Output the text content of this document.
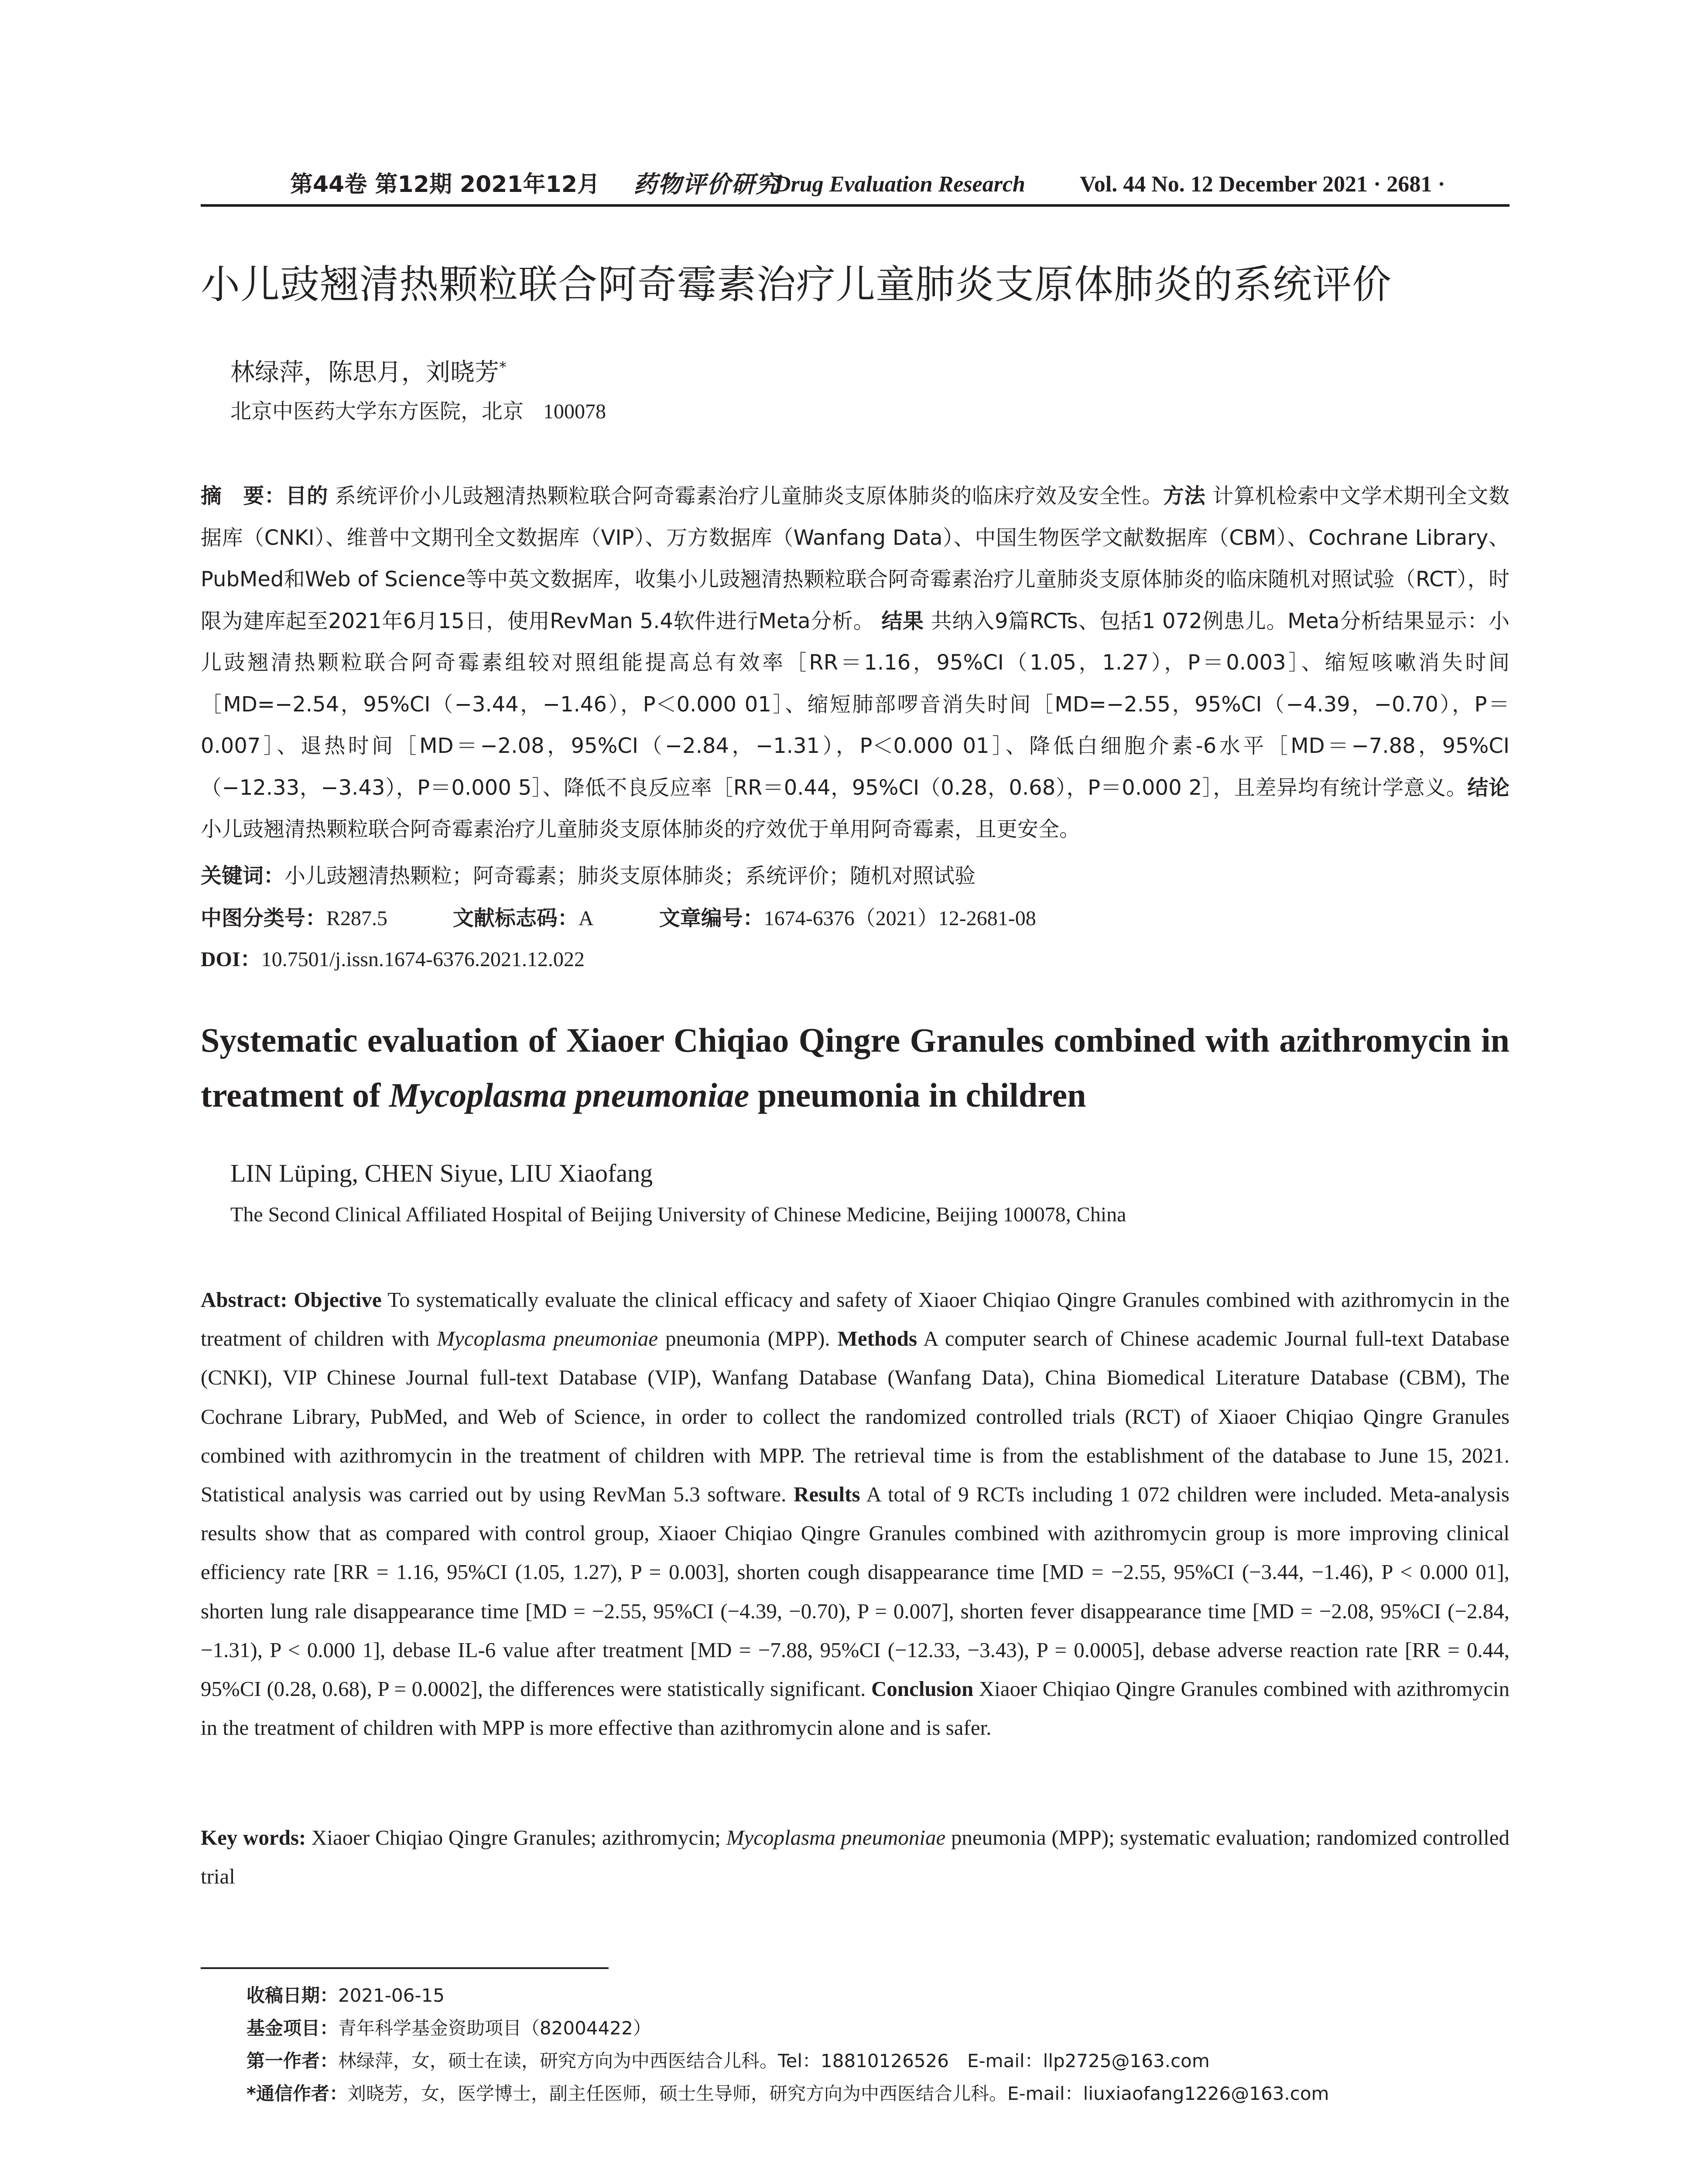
第44卷 第12期 2021年12月 药物评价研究
Drug Evaluation Research Vol. 44 No. 12 December 2021 · 2681 ·
小儿豉翘清热颗粒联合阿奇霉素治疗儿童肺炎支原体肺炎的系统评价
林绿萍，陈思月，刘晓芳*
北京中医药大学东方医院，北京 100078
摘　要：目的 系统评价小儿豉翘清热颗粒联合阿奇霉素治疗儿童肺炎支原体肺炎的临床疗效及安全性。方法 计算机检索中文学术期刊全文数据库（CNKI）、维普中文期刊全文数据库（VIP）、万方数据库（Wanfang Data）、中国生物医学文献数据库（CBM）、Cochrane Library、PubMed和Web of Science等中英文数据库，收集小儿豉翘清热颗粒联合阿奇霉素治疗儿童肺炎支原体肺炎的临床随机对照试验（RCT），时限为建库起至2021年6月15日，使用RevMan 5.4软件进行Meta分析。 结果 共纳入9篇RCTs、包括1 072例患儿。Meta分析结果显示：小儿豉翘清热颗粒联合阿奇霉素组较对照组能提高总有效率［RR＝1.16，95%CI（1.05，1.27），P＝0.003］、缩短咳嗽消失时间［MD=−2.54，95%CI（−3.44，−1.46），P＜0.000 01］、缩短肺部啰音消失时间［MD=−2.55，95%CI（−4.39，−0.70），P＝0.007］、退热时间［MD＝−2.08，95%CI（−2.84，−1.31），P＜0.000 01］、降低白细胞介素-6水平［MD＝−7.88，95%CI（−12.33，−3.43），P＝0.000 5］、降低不良反应率［RR＝0.44，95%CI（0.28，0.68），P＝0.000 2］，且差异均有统计学意义。结论 小儿豉翘清热颗粒联合阿奇霉素治疗儿童肺炎支原体肺炎的疗效优于单用阿奇霉素，且更安全。
关键词：小儿豉翘清热颗粒；阿奇霉素；肺炎支原体肺炎；系统评价；随机对照试验
中图分类号：R287.5	文献标志码：A	文章编号：1674-6376（2021）12-2681-08
DOI：10.7501/j.issn.1674-6376.2021.12.022
Systematic evaluation of Xiaoer Chiqiao Qingre Granules combined with azithromycin in treatment of Mycoplasma pneumoniae pneumonia in children
LIN Lüping, CHEN Siyue, LIU Xiaofang
The Second Clinical Affiliated Hospital of Beijing University of Chinese Medicine, Beijing 100078, China
Abstract: Objective To systematically evaluate the clinical efficacy and safety of Xiaoer Chiqiao Qingre Granules combined with azithromycin in the treatment of children with Mycoplasma pneumoniae pneumonia (MPP). Methods A computer search of Chinese academic Journal full-text Database (CNKI), VIP Chinese Journal full-text Database (VIP), Wanfang Database (Wanfang Data), China Biomedical Literature Database (CBM), The Cochrane Library, PubMed, and Web of Science, in order to collect the randomized controlled trials (RCT) of Xiaoer Chiqiao Qingre Granules combined with azithromycin in the treatment of children with MPP. The retrieval time is from the establishment of the database to June 15, 2021. Statistical analysis was carried out by using RevMan 5.3 software. Results A total of 9 RCTs including 1 072 children were included. Meta-analysis results show that as compared with control group, Xiaoer Chiqiao Qingre Granules combined with azithromycin group is more improving clinical efficiency rate [RR = 1.16, 95%CI (1.05, 1.27), P = 0.003], shorten cough disappearance time [MD = −2.55, 95%CI (−3.44, −1.46), P < 0.000 01], shorten lung rale disappearance time [MD = −2.55, 95%CI (−4.39, −0.70), P = 0.007], shorten fever disappearance time [MD = −2.08, 95%CI (−2.84, −1.31), P < 0.000 1], debase IL-6 value after treatment [MD = −7.88, 95%CI (−12.33, −3.43), P = 0.0005], debase adverse reaction rate [RR = 0.44, 95%CI (0.28, 0.68), P = 0.0002], the differences were statistically significant. Conclusion Xiaoer Chiqiao Qingre Granules combined with azithromycin in the treatment of children with MPP is more effective than azithromycin alone and is safer.
Key words: Xiaoer Chiqiao Qingre Granules; azithromycin; Mycoplasma pneumoniae pneumonia (MPP); systematic evaluation; randomized controlled trial
收稿日期：2021-06-15
基金项目：青年科学基金资助项目（82004422）
第一作者：林绿萍，女，硕士在读，研究方向为中西医结合儿科。Tel：18810126526　E-mail：llp2725@163.com
*通信作者：刘晓芳，女，医学博士，副主任医师，硕士生导师，研究方向为中西医结合儿科。E-mail：liuxiaofang1226@163.com
